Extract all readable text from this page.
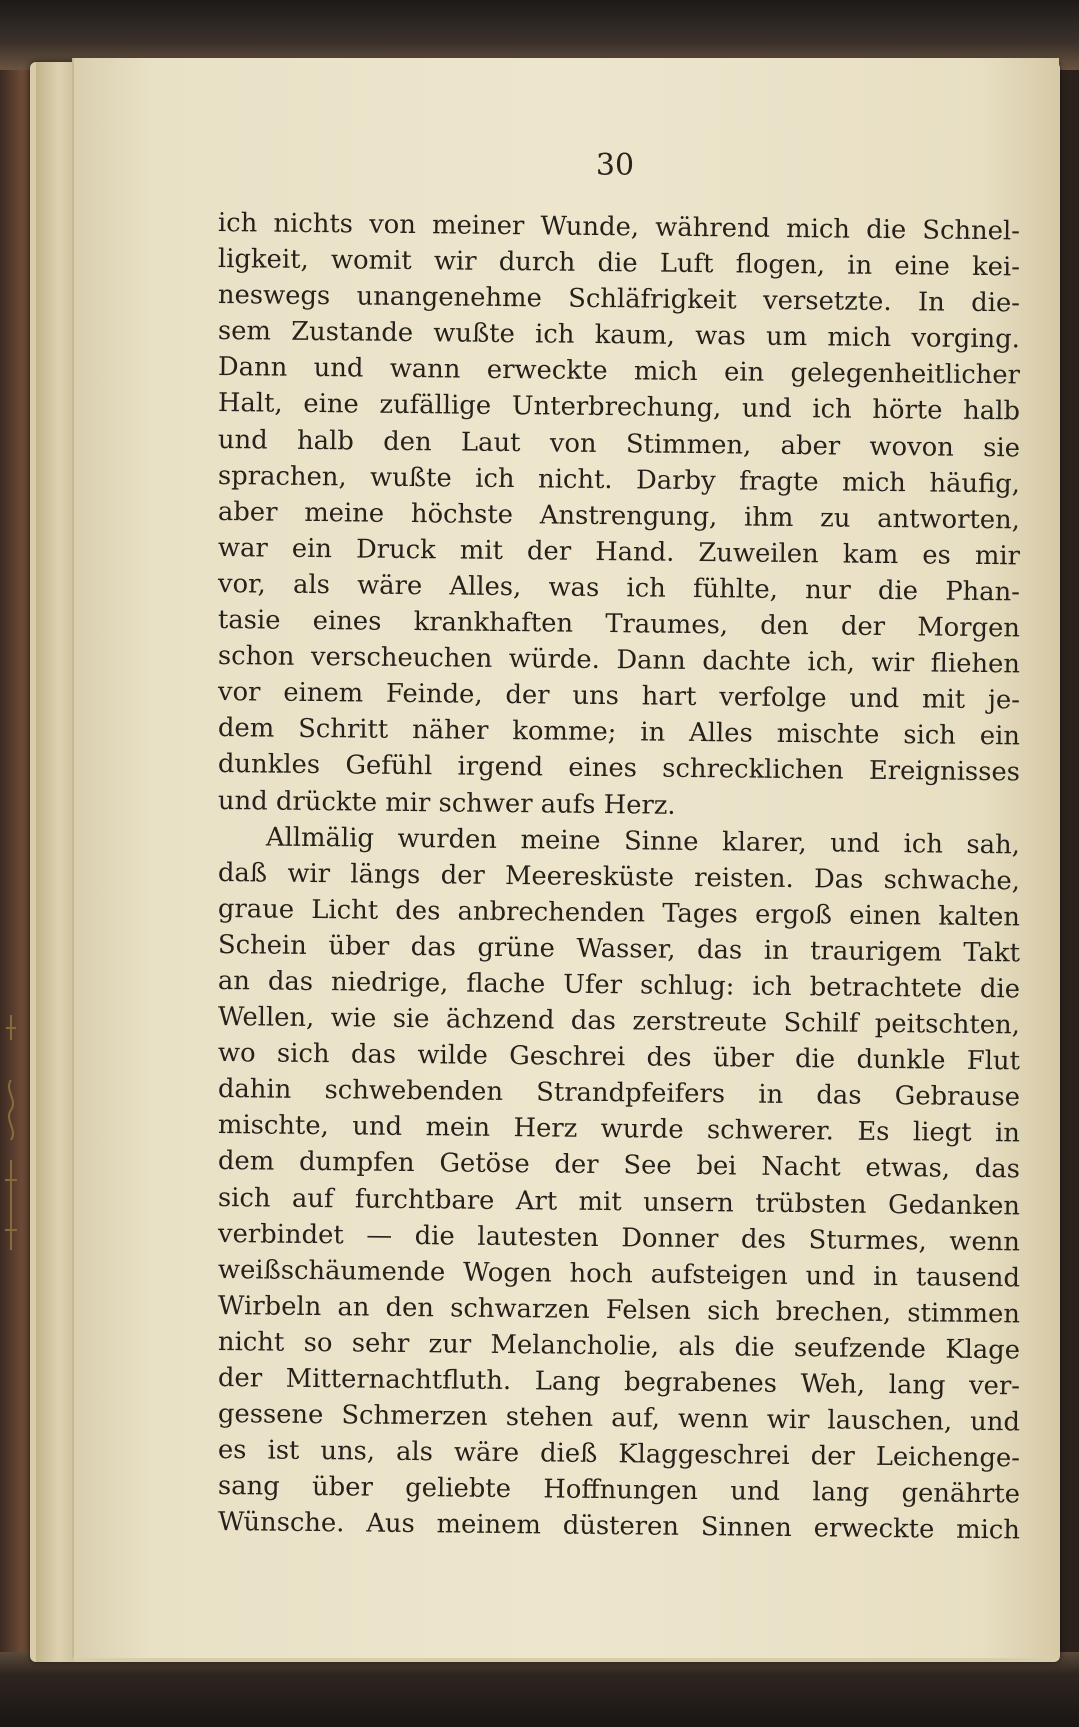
30
ich nichts von meiner Wunde, während mich die Schnel-
ligkeit, womit wir durch die Luft flogen, in eine kei-
neswegs unangenehme Schläfrigkeit versetzte. In die-
sem Zustande wußte ich kaum, was um mich vorging.
Dann und wann erweckte mich ein gelegenheitlicher
Halt, eine zufällige Unterbrechung, und ich hörte halb
und halb den Laut von Stimmen, aber wovon sie
sprachen, wußte ich nicht. Darby fragte mich häufig,
aber meine höchste Anstrengung, ihm zu antworten,
war ein Druck mit der Hand. Zuweilen kam es mir
vor, als wäre Alles, was ich fühlte, nur die Phan-
tasie eines krankhaften Traumes, den der Morgen
schon verscheuchen würde. Dann dachte ich, wir fliehen
vor einem Feinde, der uns hart verfolge und mit je-
dem Schritt näher komme; in Alles mischte sich ein
dunkles Gefühl irgend eines schrecklichen Ereignisses
und drückte mir schwer aufs Herz.
Allmälig wurden meine Sinne klarer, und ich sah,
daß wir längs der Meeresküste reisten. Das schwache,
graue Licht des anbrechenden Tages ergoß einen kalten
Schein über das grüne Wasser, das in traurigem Takt
an das niedrige, flache Ufer schlug: ich betrachtete die
Wellen, wie sie ächzend das zerstreute Schilf peitschten,
wo sich das wilde Geschrei des über die dunkle Flut
dahin schwebenden Strandpfeifers in das Gebrause
mischte, und mein Herz wurde schwerer. Es liegt in
dem dumpfen Getöse der See bei Nacht etwas, das
sich auf furchtbare Art mit unsern trübsten Gedanken
verbindet — die lautesten Donner des Sturmes, wenn
weißschäumende Wogen hoch aufsteigen und in tausend
Wirbeln an den schwarzen Felsen sich brechen, stimmen
nicht so sehr zur Melancholie, als die seufzende Klage
der Mitternachtfluth. Lang begrabenes Weh, lang ver-
gessene Schmerzen stehen auf, wenn wir lauschen, und
es ist uns, als wäre dieß Klaggeschrei der Leichenge-
sang über geliebte Hoffnungen und lang genährte
Wünsche. Aus meinem düsteren Sinnen erweckte mich
